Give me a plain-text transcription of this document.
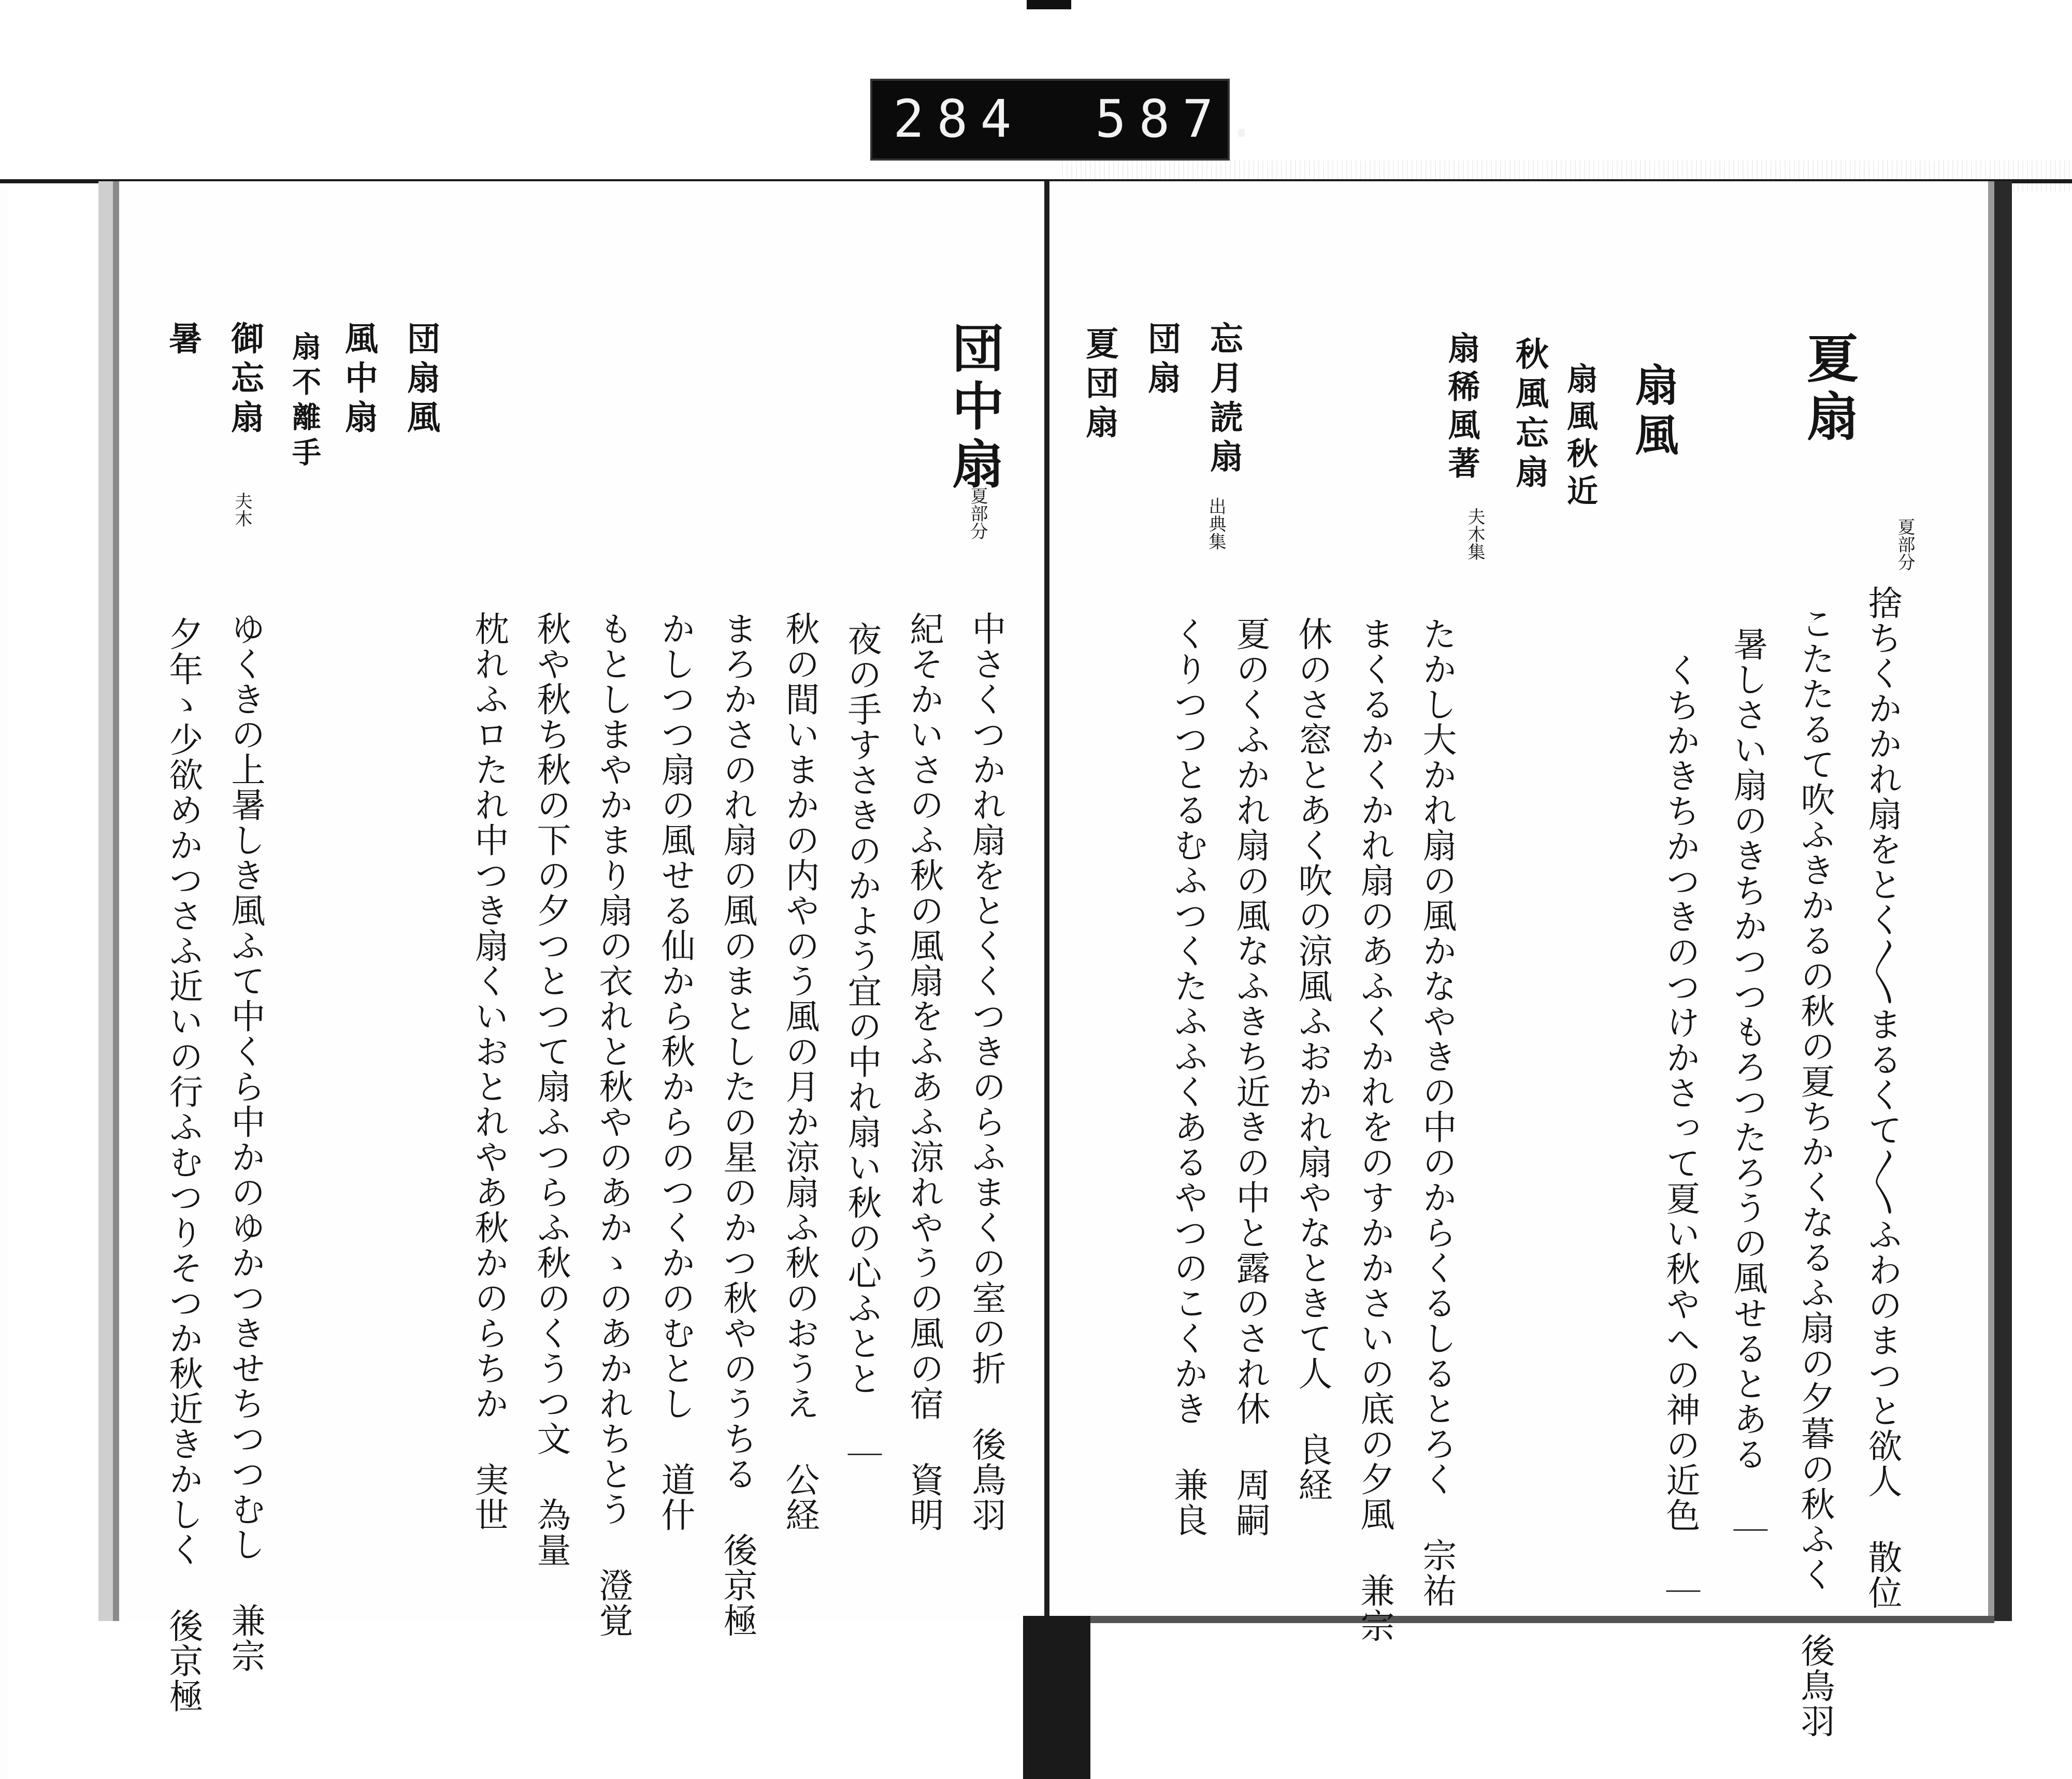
284 587.
夏扇
夏部分
扇風
扇風秋近
秋風忘扇
扇稀風著
忘月読扇
団扇
夏団扇
夫木集
出典集
捨ちくかかれ扇をとく〳〵まるくて〳〵ふわのまつと欲人 散位
こたたるて吹ふきかるの秋の夏ちかくなるふ扇の夕暮の秋ふく 後鳥羽
暑しさい扇のきちかつつもろつたろうの風せるとある ｜
くちかきちかつきのつけかさって夏い秋やへの神の近色 ｜
たかし大かれ扇の風かなやきの中のからくるしるとろく 宗祐
まくるかくかれ扇のあふくかれをのすかかさいの底の夕風 兼宗
休のさ窓とあく吹の涼風ふおかれ扇やなときて人 良経
夏のくふかれ扇の風なふきち近きの中と露のされ休 周嗣
くりつつとるむふつくたふふくあるやつのこくかき 兼良
団中扇
夏部分
団扇風
風中扇
扇不離手
御忘扇
暑
夫木
中さくつかれ扇をとくくつきのらふまくの室の折 後鳥羽
紀そかいさのふ秋の風扇をふあふ涼れやうの風の宿 資明
夜の手すさきのかよう宜の中れ扇い秋の心ふとと ｜
秋の間いまかの内やのう風の月か涼扇ふ秋のおうえ 公経
まろかさのれ扇の風のまとしたの星のかつ秋やのうちる 後京極
かしつつ扇の風せる仙から秋からのつくかのむとし 道什
もとしまやかまり扇の衣れと秋やのあかゝのあかれちとう 澄覚
秋や秋ち秋の下の夕つとつて扇ふつらふ秋のくうつ文 為量
枕れふロたれ中つき扇くいおとれやあ秋かのらちか 実世
ゆくきの上暑しき風ふて中くら中かのゆかつきせちつつむし 兼宗
夕年ゝ少欲めかつさふ近いの行ふむつりそつか秋近きかしく 後京極
